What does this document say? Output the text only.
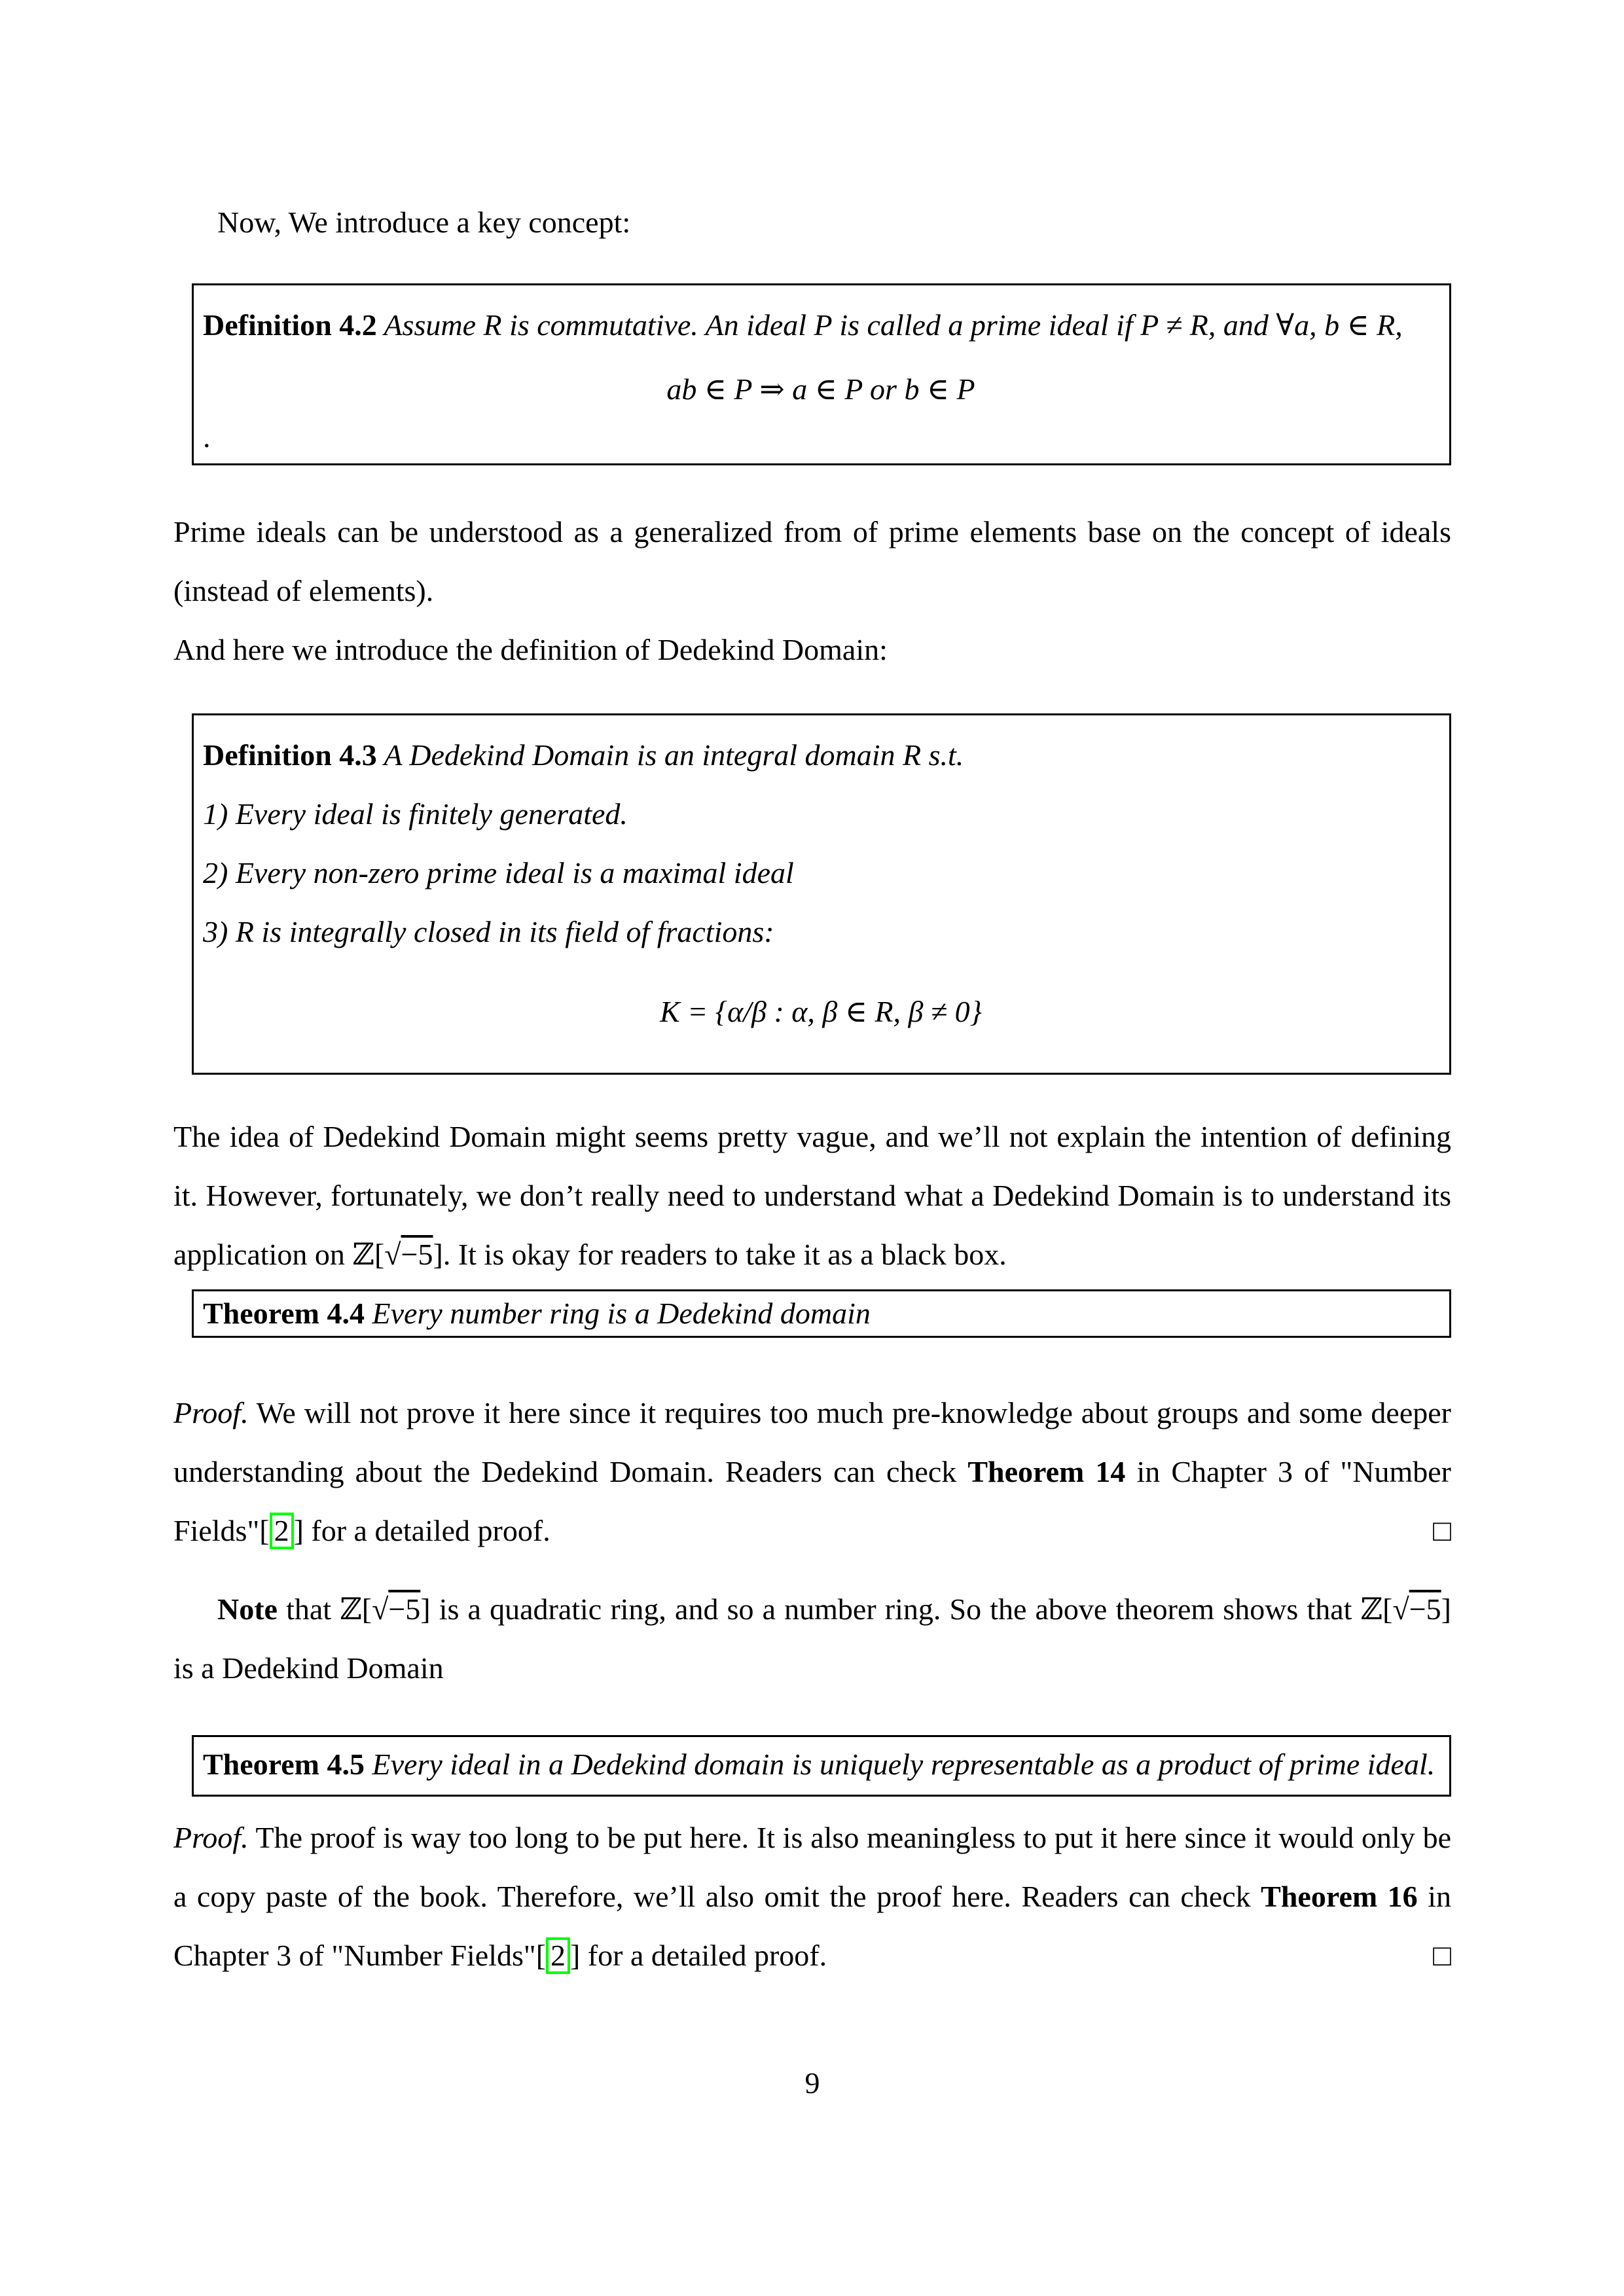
Now, We introduce a key concept:
Definition 4.2 Assume R is commutative. An ideal P is called a prime ideal if P ≠ R, and ∀a, b ∈ R,
ab ∈ P ⇒ a ∈ P or b ∈ P
.
Prime ideals can be understood as a generalized from of prime elements base on the concept of ideals (instead of elements).
And here we introduce the definition of Dedekind Domain:
Definition 4.3 A Dedekind Domain is an integral domain R s.t.
1) Every ideal is finitely generated.
2) Every non-zero prime ideal is a maximal ideal
3) R is integrally closed in its field of fractions:
K = {α/β : α, β ∈ R, β ≠ 0}
The idea of Dedekind Domain might seems pretty vague, and we’ll not explain the intention of defining it. However, fortunately, we don’t really need to understand what a Dedekind Domain is to understand its application on ℤ[√−5]. It is okay for readers to take it as a black box.
Theorem 4.4 Every number ring is a Dedekind domain
Proof. We will not prove it here since it requires too much pre-knowledge about groups and some deeper understanding about the Dedekind Domain. Readers can check Theorem 14 in Chapter 3 of "Number Fields"[ 2 ] for a detailed proof.	□
Note that ℤ[√−5] is a quadratic ring, and so a number ring. So the above theorem shows that ℤ[√−5] is a Dedekind Domain
Theorem 4.5 Every ideal in a Dedekind domain is uniquely representable as a product of prime ideal.
Proof. The proof is way too long to be put here. It is also meaningless to put it here since it would only be a copy paste of the book. Therefore, we’ll also omit the proof here. Readers can check Theorem 16 in Chapter 3 of "Number Fields"[ 2 ] for a detailed proof.	□
9
